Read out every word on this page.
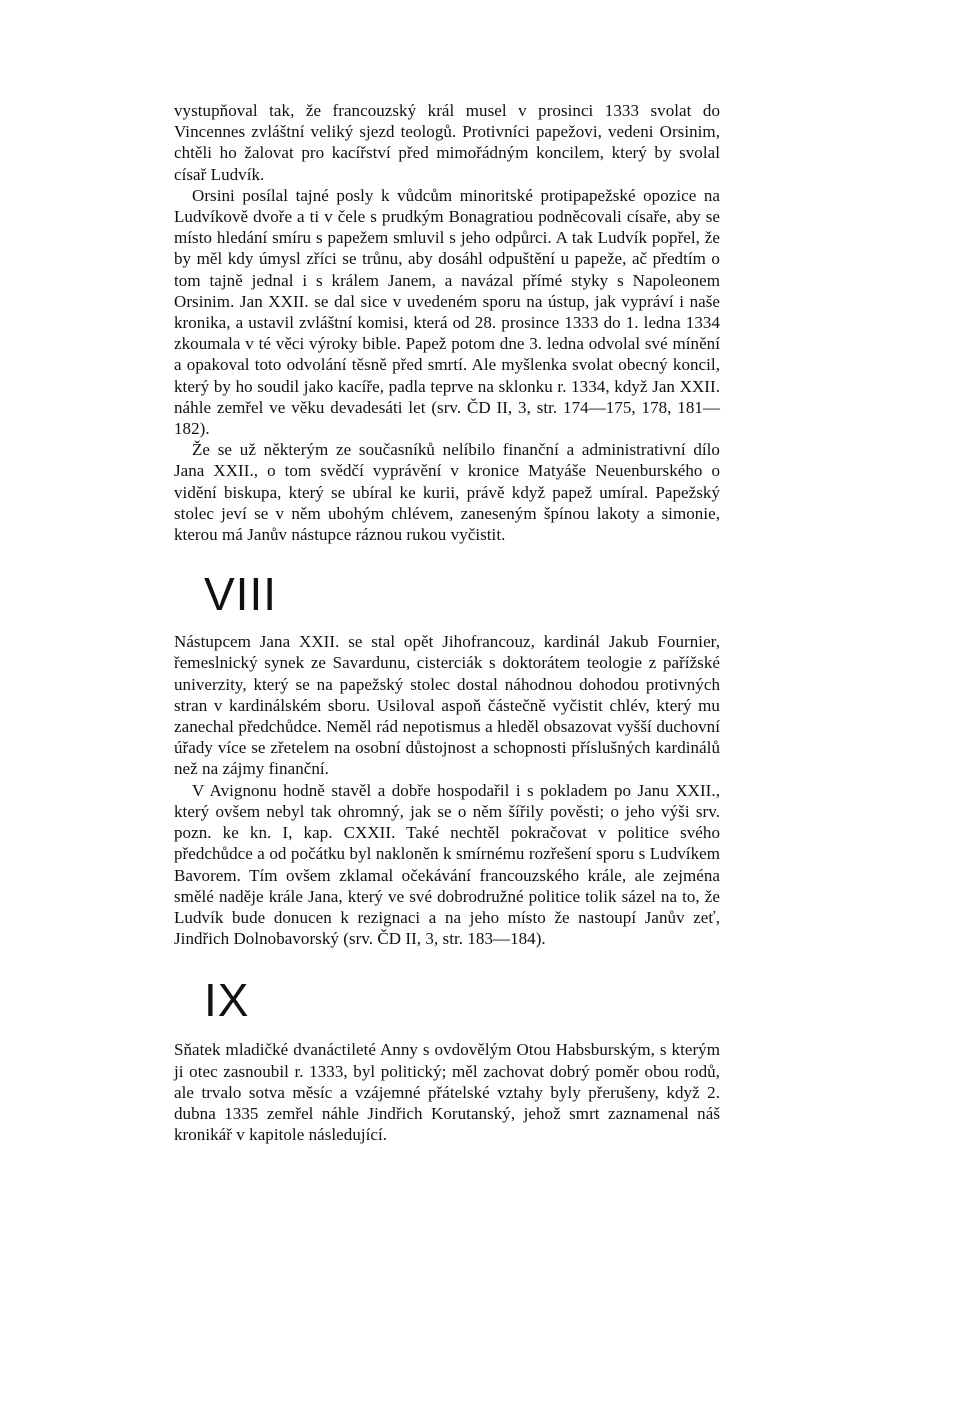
vystupňoval tak, že francouzský král musel v prosinci 1333 svolat do Vincennes zvláštní veliký sjezd teologů. Protivníci papežovi, vedeni Orsinim, chtěli ho žalovat pro kacířství před mimořádným koncilem, který by svolal císař Ludvík.

Orsini posílal tajné posly k vůdcům minoritské protipapežské opozice na Ludvíkově dvoře a ti v čele s prudkým Bonagratiou podněcovali císaře, aby se místo hledání smíru s papežem smluvil s jeho odpůrci. A tak Ludvík popřel, že by měl kdy úmysl zříci se trůnu, aby dosáhl odpuštění u papeže, ač předtím o tom tajně jednal i s králem Janem, a navázal přímé styky s Napoleonem Orsinim. Jan XXII. se dal sice v uvedeném sporu na ústup, jak vypráví i naše kronika, a ustavil zvláštní komisi, která od 28. prosince 1333 do 1. ledna 1334 zkoumala v té věci výroky bible. Papež potom dne 3. ledna odvolal své mínění a opakoval toto odvolání těsně před smrtí. Ale myšlenka svolat obecný koncil, který by ho soudil jako kacíře, padla teprve na sklonku r. 1334, když Jan XXII. náhle zemřel ve věku devadesáti let (srv. ČD II, 3, str. 174—175, 178, 181—182).

Že se už některým ze současníků nelíbilo finanční a administrativní dílo Jana XXII., o tom svědčí vyprávění v kronice Matyáše Neuenburského o vidění biskupa, který se ubíral ke kurii, právě když papež umíral. Papežský stolec jeví se v něm ubohým chlévem, zaneseným špínou lakoty a simonie, kterou má Janův nástupce ráznou rukou vyčistit.

VIII

Nástupcem Jana XXII. se stal opět Jihofrancouz, kardinál Jakub Fournier, řemeslnický synek ze Savardunu, cisterciák s doktorátem teologie z pařížské univerzity, který se na papežský stolec dostal náhodnou dohodou protivných stran v kardinálském sboru. Usiloval aspoň částečně vyčistit chlév, který mu zanechal předchůdce. Neměl rád nepotismus a hleděl obsazovat vyšší duchovní úřady více se zřetelem na osobní důstojnost a schopnosti příslušných kardinálů než na zájmy finanční.

V Avignonu hodně stavěl a dobře hospodařil i s pokladem po Janu XXII., který ovšem nebyl tak ohromný, jak se o něm šířily pověsti; o jeho výši srv. pozn. ke kn. I, kap. CXXII. Také nechtěl pokračovat v politice svého předchůdce a od počátku byl nakloněn k smírnému rozřešení sporu s Ludvíkem Bavorem. Tím ovšem zklamal očekávání francouzského krále, ale zejména smělé naděje krále Jana, který ve své dobrodružné politice tolik sázel na to, že Ludvík bude donucen k rezignaci a na jeho místo že nastoupí Janův zeť, Jindřich Dolnobavorský (srv. ČD II, 3, str. 183—184).

IX

Sňatek mladičké dvanáctileté Anny s ovdovělým Otou Habsburským, s kterým ji otec zasnoubil r. 1333, byl politický; měl zachovat dobrý poměr obou rodů, ale trvalo sotva měsíc a vzájemné přátelské vztahy byly přerušeny, když 2. dubna 1335 zemřel náhle Jindřich Korutanský, jehož smrt zaznamenal náš kronikář v kapitole následující.
